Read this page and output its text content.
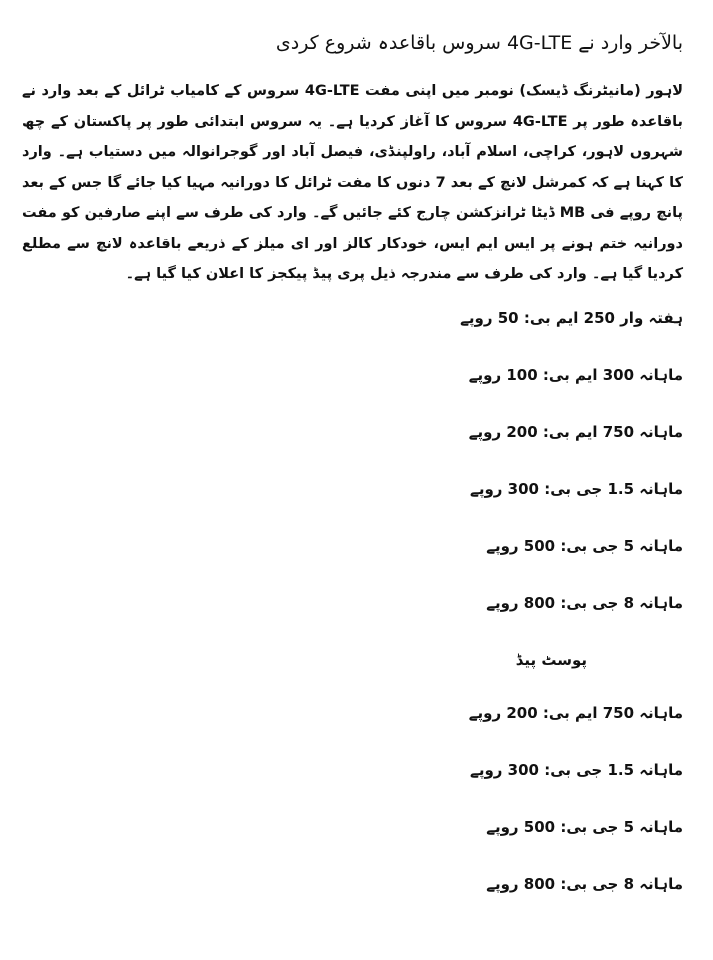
بالآخر وارد نے 4G-LTE سروس باقاعدہ شروع کردی

لاہور (مانیٹرنگ ڈیسک) نومبر میں اپنی مفت 4G-LTE سروس کے کامیاب ٹرائل کے بعد وارد نے باقاعدہ طور پر 4G-LTE سروس کا آغاز کردیا ہے۔ یہ سروس ابتدائی طور پر پاکستان کے چھ شہروں لاہور، کراچی، اسلام آباد، راولپنڈی، فیصل آباد اور گوجرانوالہ میں دستیاب ہے۔ وارد کا کہنا ہے کہ کمرشل لانچ کے بعد 7 دنوں کا مفت ٹرائل کا دورانیہ مہیا کیا جائے گا جس کے بعد پانچ روپے فی MB ڈیٹا ٹرانزکشن چارج کئے جائیں گے۔ وارد کی طرف سے اپنے صارفین کو مفت دورانیہ ختم ہونے پر ایس ایم ایس، خودکار کالز اور ای میلز کے ذریعے باقاعدہ لانچ سے مطلع کردیا گیا ہے۔ وارد کی طرف سے مندرجہ ذیل پری پیڈ پیکجز کا اعلان کیا گیا ہے۔

ہفتہ وار 250 ایم بی: 50 روپے
ماہانہ 300 ایم بی: 100 روپے
ماہانہ 750 ایم بی: 200 روپے
ماہانہ 1.5 جی بی: 300 روپے
ماہانہ 5 جی بی: 500 روپے
ماہانہ 8 جی بی: 800 روپے
پوسٹ پیڈ
ماہانہ 750 ایم بی: 200 روپے
ماہانہ 1.5 جی بی: 300 روپے
ماہانہ 5 جی بی: 500 روپے
ماہانہ 8 جی بی: 800 روپے
